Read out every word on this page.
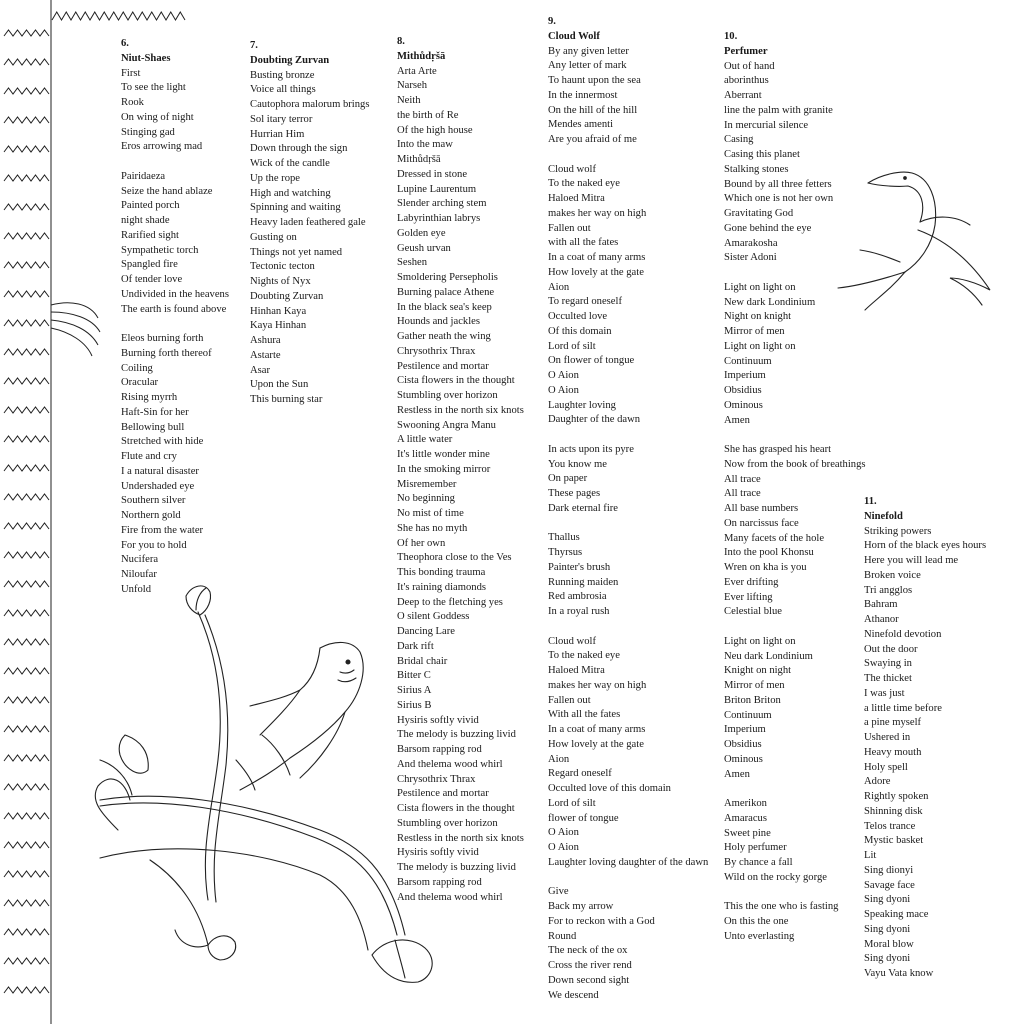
6.
Niut-Shaes
First
To see the light
Rook
On wing of night
Stinging gad
Eros arrowing mad
Pairidaeza
Seize the hand ablaze
Painted porch
night shade
Rarified sight
Sympathetic torch
Spangled fire
Of tender love
Undivided in the heavens
The earth is found above
Eleos burning forth
Burning forth thereof
Coiling
Oracular
Rising myrrh
Haft-Sin for her
Bellowing bull
Stretched with hide
Flute and cry
I a natural disaster
Undershaded eye
Southern silver
Northern gold
Fire from the water
For you to hold
Nucifera
Niloufar
Unfold
7.
Doubting Zurvan
Busting bronze
Voice all things
Cautophora malorum brings
Sol itary terror
Hurrian Him
Down through the sign
Wick of the candle
Up the rope
High and watching
Spinning and waiting
Heavy laden feathered gale
Gusting on
Things not yet named
Tectonic tecton
Nights of Nyx
Doubting Zurvan
Hinhan Kaya
Kaya Hinhan
Ashura
Astarte
Asar
Upon the Sun
This burning star
8.
Mithůdṛšā
Arta Arte
Narseh
Neith
the birth of Re
Of the high house
Into the maw
Mithůdṛšā
Dressed in stone
Lupine Laurentum
Slender arching stem
Labyrinthian labrys
Golden eye
Geush urvan
Seshen
Smoldering Persepholis
Burning palace Athene
In the black sea's keep
Hounds and jackles
Gather neath the wing
Chrysothrix Thrax
Pestilence and mortar
Cista flowers in the thought
Stumbling over horizon
Restless in the north six knots
Swooning Angra Manu
A little water
It's little wonder mine
In the smoking mirror
Misremember
No beginning
No mist of time
She has no myth
Of her own
Theophora close to the Ves
This bonding trauma
It's raining diamonds
Deep to the fletching yes
O silent Goddess
Dancing Lare
Dark rift
Bridal chair
Bitter C
Sirius A
Sirius B
Hysiris softly vivid
The melody is buzzing livid
Barsom rapping rod
And thelema wood whirl
Chrysothrix Thrax
Pestilence and mortar
Cista flowers in the thought
Stumbling over horizon
Restless in the north six knots
Hysiris softly vivid
The melody is buzzing livid
Barsom rapping rod
And thelema wood whirl
9.
Cloud Wolf
By any given letter
Any letter of mark
To haunt upon the sea
In the innermost
On the hill of the hill
Mendes amenti
Are you afraid of me
Cloud wolf
To the naked eye
Haloed Mitra
makes her way on high
Fallen out
with all the fates
In a coat of many arms
How lovely at the gate
Aion
To regard oneself
Occulted love
Of this domain
Lord of silt
On flower of tongue
O Aion
O Aion
Laughter loving
Daughter of the dawn
In acts upon its pyre
You know me
On paper
These pages
Dark eternal fire
Thallus
Thyrsus
Painter's brush
Running maiden
Red ambrosia
In a royal rush
Cloud wolf
To the naked eye
Haloed Mitra
makes her way on high
Fallen out
With all the fates
In a coat of many arms
How lovely at the gate
Aion
Regard oneself
Occulted love of this domain
Lord of silt
flower of tongue
O Aion
O Aion
Laughter loving daughter of the dawn
Give
Back my arrow
For to reckon with a God
Round
The neck of the ox
Cross the river rend
Down second sight
We descend
10.
Perfumer
Out of hand
aborinthus
Aberrant
line the palm with granite
In mercurial silence
Casing
Casing this planet
Stalking stones
Bound by all three fetters
Which one is not her own
Gravitating God
Gone behind the eye
Amarakosha
Sister Adoni
Light on light on
New dark Londinium
Night on knight
Mirror of men
Light on light on
Continuum
Imperium
Obsidius
Ominous
Amen
She has grasped his heart
Now from the book of breathings
All trace
All trace
All base numbers
On narcissus face
Many facets of the hole
Into the pool Khonsu
Wren on kha is you
Ever drifting
Ever lifting
Celestial blue
Light on light on
Neu dark Londinium
Knight on night
Mirror of men
Briton Briton
Continuum
Imperium
Obsidius
Ominous
Amen
Amerikon
Amaracus
Sweet pine
Holy perfumer
By chance a fall
Wild on the rocky gorge
This the one who is fasting
On this the one
Unto everlasting
11.
Ninefold
Striking powers
Horn of the black eyes hours
Here you will lead me
Broken voice
Tri angglos
Bahram
Athanor
Ninefold devotion
Out the door
Swaying in
The thicket
I was just
a little time before
a pine myself
Ushered in
Heavy mouth
Holy spell
Adore
Rightly spoken
Shinning disk
Telos trance
Mystic basket
Lit
Sing dionyi
Savage face
Sing dyoni
Speaking mace
Sing dyoni
Moral blow
Sing dyoni
Vayu Vata know
